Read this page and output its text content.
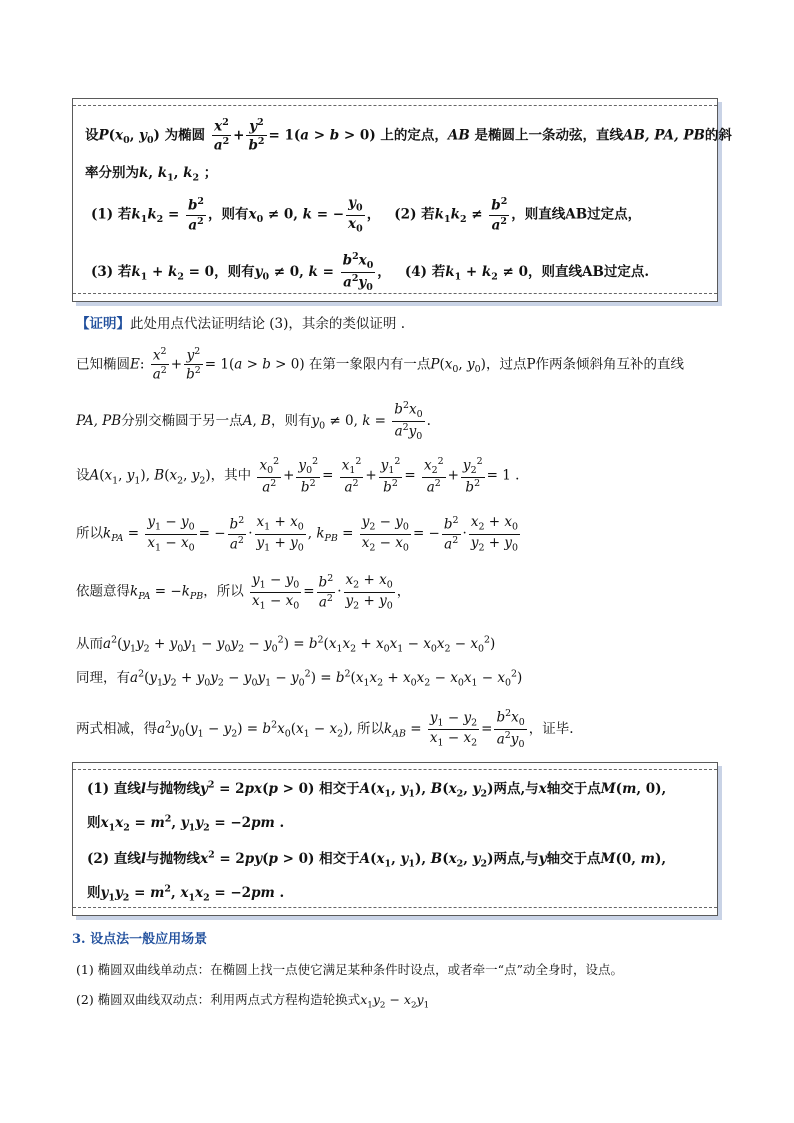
设$P(x_0$, $y_0$) 为椭圆 $\frac{x^2}{a^2} + \frac{y^2}{b^2} = 1(a > b > 0)$ 上的定点，AB 是椭圆上一条动弦，直线AB, PA, PB的斜
率分别为k, $k_1$, $k_2$ ；
(1) 若$k_1k_2 = \frac{b^2}{a^2}$ ，则有$x_0 \ne 0$, k = − $\frac{y_0}{x_0}$ ，   (2) 若$k_1k_2 \ne \frac{b^2}{a^2}$ ，则直线AB过定点，
(3) 若$k_1 + k_2 = 0$，则有$y_0 \ne 0$, $k = \frac{b^2x_0}{a^2y_0}$ ，   (4) 若$k_1 + k_2 \ne 0$，则直线AB过定点.
【证明】此处用点代法证明结论 (3)，其余的类似证明 .
已知椭圆E: $\frac{x^2}{a^2} + \frac{y^2}{b^2} = 1(a > b > 0)$ 在第一象限内有一点$P(x_0$, $y_0$)，过点P作两条倾斜角互补的直线
PA, PB分别交椭圆于另一点A, B，则有$y_0 \ne 0$, $k = \frac{b^2x_0}{a^2y_0}$ .
设$A(x_1$, $y_1$), $B(x_2$, $y_2$)，其中 $\frac{x_0^2}{a^2} + \frac{y_0^2}{b^2} = \frac{x_1^2}{a^2} + \frac{y_1^2}{b^2} = \frac{x_2^2}{a^2} + \frac{y_2^2}{b^2} = 1$ .
所以$k_{PA} = \frac{y_1 - y_0}{x_1 - x_0}$ = − $\frac{b^2}{a^2} \cdot \frac{x_1 + x_0}{y_1 + y_0}$ , $k_{PB} = \frac{y_2 - y_0}{x_2 - x_0}$ = − $\frac{b^2}{a^2} \cdot \frac{x_2 + x_0}{y_2 + y_0}$
依题意得$k_{PA} = -k_{PB}$，所以 $\frac{y_1 - y_0}{x_1 - x_0} = \frac{b^2}{a^2} \cdot \frac{x_2 + x_0}{y_2 + y_0}$ ，
从而$a^2(y_1y_2 + y_0y_1 - y_0y_2 - y_0^2) = b^2(x_1x_2 + x_0x_1 - x_0x_2 - x_0^2)$
同理，有$a^2(y_1y_2 + y_0y_2 - y_0y_1 - y_0^2) = b^2(x_1x_2 + x_0x_2 - x_0x_1 - x_0^2)$
两式相减，得$a^2y_0(y_1 - y_2) = b^2x_0(x_1 - x_2)$, 所以$k_{AB} = \frac{y_1 - y_2}{x_1 - x_2} = \frac{b^2x_0}{a^2y_0}$ ，证毕.
(1) 直线l与抛物线$y^2 = 2px(p > 0)$ 相交于$A(x_1$, $y_1$), $B(x_2$, $y_2$)两点,与x轴交于点M(m, 0),
则$x_1x_2 = m^2$, $y_1y_2 = -2pm$ .
(2) 直线l与抛物线$x^2 = 2py(p > 0)$ 相交于$A(x_1$, $y_1$), $B(x_2$, $y_2$)两点,与y轴交于点M(0, m),
则$y_1y_2 = m^2$, $x_1x_2 = -2pm$ .
3. 设点法一般应用场景
(1) 椭圆双曲线单动点：在椭圆上找一点使它满足某种条件时设点，或者牵一“点”动全身时，设点。
(2) 椭圆双曲线双动点：利用两点式方程构造轮换式$x_1y_2 - x_2y_1$
